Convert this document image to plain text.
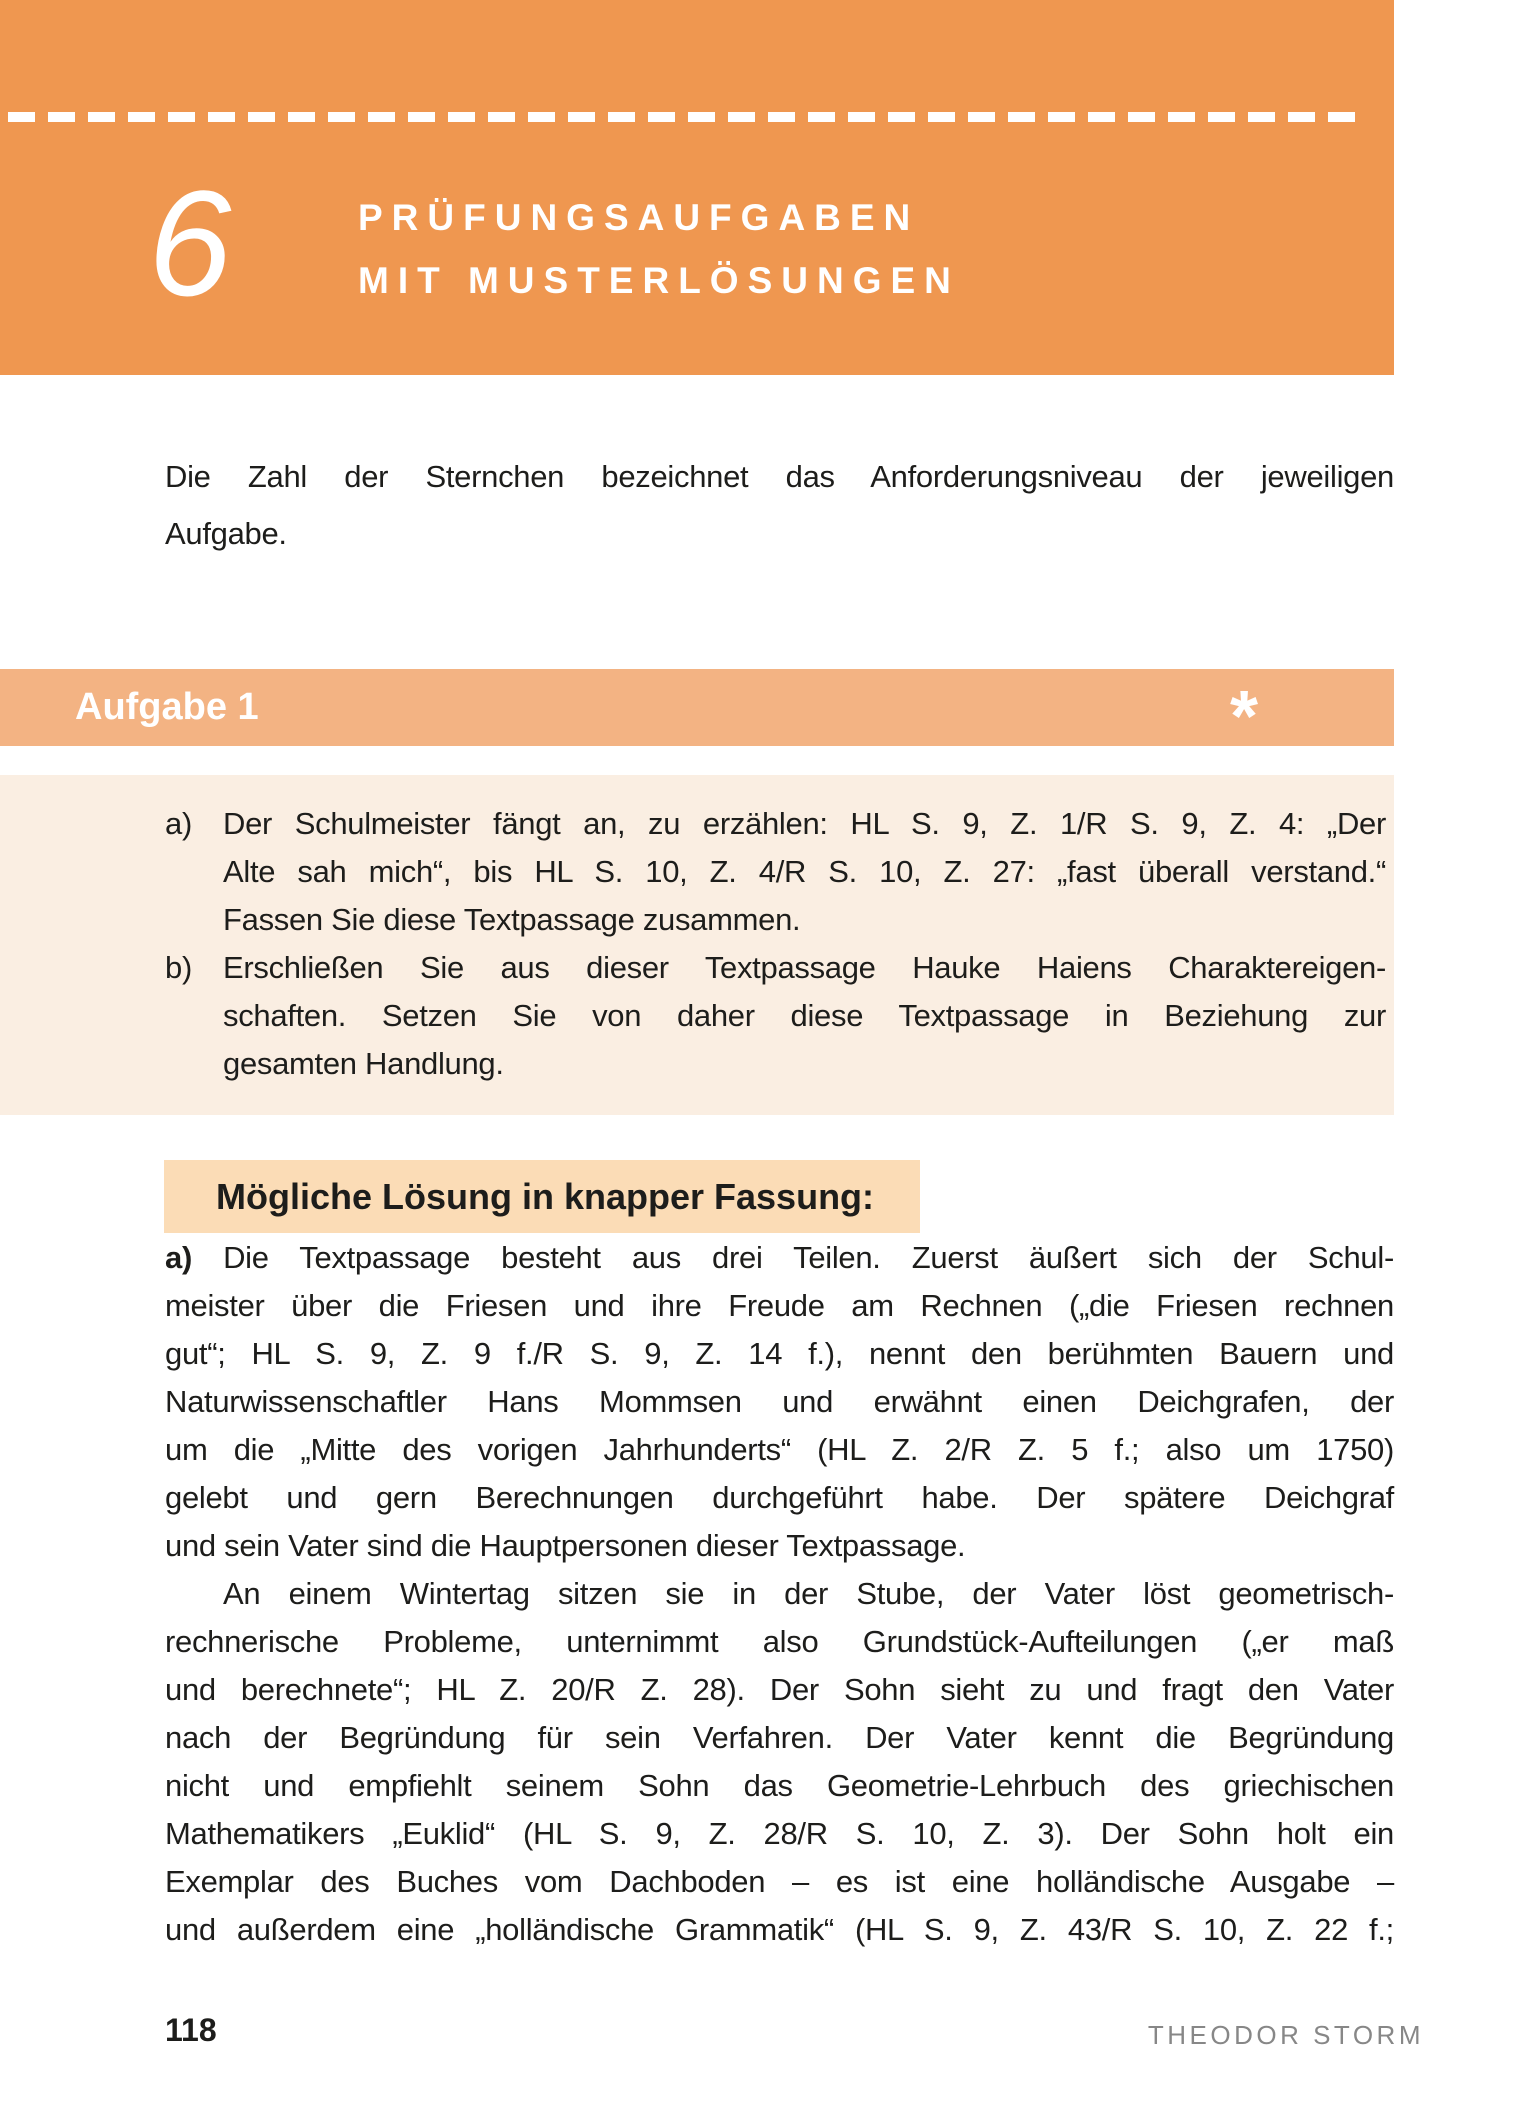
6	PRÜFUNGSAUFGABEN
MIT MUSTERLÖSUNGEN
Die Zahl der Sternchen bezeichnet das Anforderungsniveau der jeweiligen
Aufgabe.
Aufgabe 1	*
a)	Der Schulmeister fängt an, zu erzählen: HL S. 9, Z. 1/R S. 9, Z. 4: „Der
Alte sah mich“, bis HL S. 10, Z. 4/R S. 10, Z. 27: „fast überall verstand.“
Fassen Sie diese Textpassage zusammen.
b)	Erschließen Sie aus dieser Textpassage Hauke Haiens Charaktereigen-
schaften. Setzen Sie von daher diese Textpassage in Beziehung zur
gesamten Handlung.
Mögliche Lösung in knapper Fassung:
a) Die Textpassage besteht aus drei Teilen. Zuerst äußert sich der Schul-
meister über die Friesen und ihre Freude am Rechnen („die Friesen rechnen
gut“; HL S. 9, Z. 9 f./R S. 9, Z. 14 f.), nennt den berühmten Bauern und
Naturwissenschaftler Hans Mommsen und erwähnt einen Deichgrafen, der
um die „Mitte des vorigen Jahrhunderts“ (HL Z. 2/R Z. 5 f.; also um 1750)
gelebt und gern Berechnungen durchgeführt habe. Der spätere Deichgraf
und sein Vater sind die Hauptpersonen dieser Textpassage.
An einem Wintertag sitzen sie in der Stube, der Vater löst geometrisch-
rechnerische Probleme, unternimmt also Grundstück-Aufteilungen („er maß
und berechnete“; HL Z. 20/R Z. 28). Der Sohn sieht zu und fragt den Vater
nach der Begründung für sein Verfahren. Der Vater kennt die Begründung
nicht und empfiehlt seinem Sohn das Geometrie-Lehrbuch des griechischen
Mathematikers „Euklid“ (HL S. 9, Z. 28/R S. 10, Z. 3). Der Sohn holt ein
Exemplar des Buches vom Dachboden – es ist eine holländische Ausgabe –
und außerdem eine „holländische Grammatik“ (HL S. 9, Z. 43/R S. 10, Z. 22 f.;
118	THEODOR STORM
